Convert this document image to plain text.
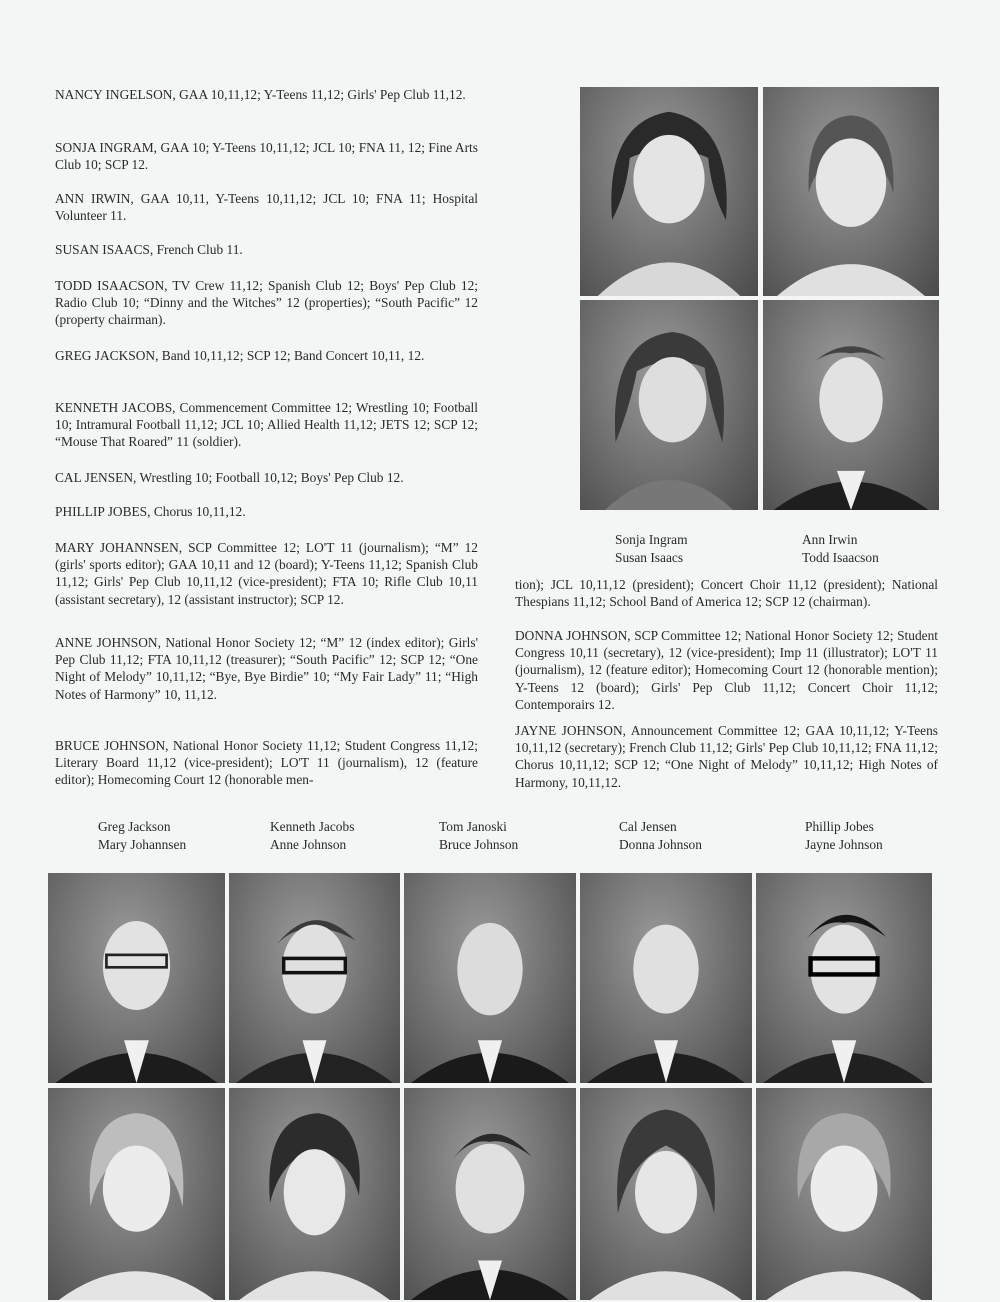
NANCY INGELSON, GAA 10,11,12; Y-Teens 11,12; Girls' Pep Club 11,12.

SONJA INGRAM, GAA 10; Y-Teens 10,11,12; JCL 10; FNA 11, 12; Fine Arts Club 10; SCP 12.

ANN IRWIN, GAA 10,11, Y-Teens 10,11,12; JCL 10; FNA 11; Hospital Volunteer 11.

SUSAN ISAACS, French Club 11.

TODD ISAACSON, TV Crew 11,12; Spanish Club 12; Boys' Pep Club 12; Radio Club 10; “Dinny and the Witches” 12 (properties); “South Pacific” 12 (property chairman).

GREG JACKSON, Band 10,11,12; SCP 12; Band Concert 10,11, 12.

KENNETH JACOBS, Commencement Committee 12; Wrestling 10; Football 10; Intramural Football 11,12; JCL 10; Allied Health 11,12; JETS 12; SCP 12; “Mouse That Roared” 11 (soldier).

CAL JENSEN, Wrestling 10; Football 10,12; Boys' Pep Club 12.

PHILLIP JOBES, Chorus 10,11,12.

MARY JOHANNSEN, SCP Committee 12; LO'T 11 (journalism); “M” 12 (girls' sports editor); GAA 10,11 and 12 (board); Y-Teens 11,12; Spanish Club 11,12; Girls' Pep Club 10,11,12 (vice-president); FTA 10; Rifle Club 10,11 (assistant secretary), 12 (assistant instructor); SCP 12.

ANNE JOHNSON, National Honor Society 12; “M” 12 (index editor); Girls' Pep Club 11,12; FTA 10,11,12 (treasurer); “South Pacific” 12; SCP 12; “One Night of Melody” 10,11,12; “Bye, Bye Birdie” 10; “My Fair Lady” 11; “High Notes of Harmony” 10, 11,12.

BRUCE JOHNSON, National Honor Society 11,12; Student Congress 11,12; Literary Board 11,12 (vice-president); LO'T 11 (journalism), 12 (feature editor); Homecoming Court 12 (honorable men-

tion); JCL 10,11,12 (president); Concert Choir 11,12 (president); National Thespians 11,12; School Band of America 12; SCP 12 (chairman).

DONNA JOHNSON, SCP Committee 12; National Honor Society 12; Student Congress 10,11 (secretary), 12 (vice-president); Imp 11 (illustrator); LO'T 11 (journalism), 12 (feature editor); Homecoming Court 12 (honorable mention); Y-Teens 12 (board); Girls' Pep Club 11,12; Concert Choir 11,12; Contemporairs 12.

JAYNE JOHNSON, Announcement Committee 12; GAA 10,11,12; Y-Teens 10,11,12 (secretary); French Club 11,12; Girls' Pep Club 10,11,12; FNA 11,12; Chorus 10,11,12; SCP 12; “One Night of Melody” 10,11,12; High Notes of Harmony, 10,11,12.

Sonja Ingram
Susan Isaacs
Ann Irwin
Todd Isaacson
Greg Jackson
Mary Johannsen
Kenneth Jacobs
Anne Johnson
Tom Janoski
Bruce Johnson
Cal Jensen
Donna Johnson
Phillip Jobes
Jayne Johnson
